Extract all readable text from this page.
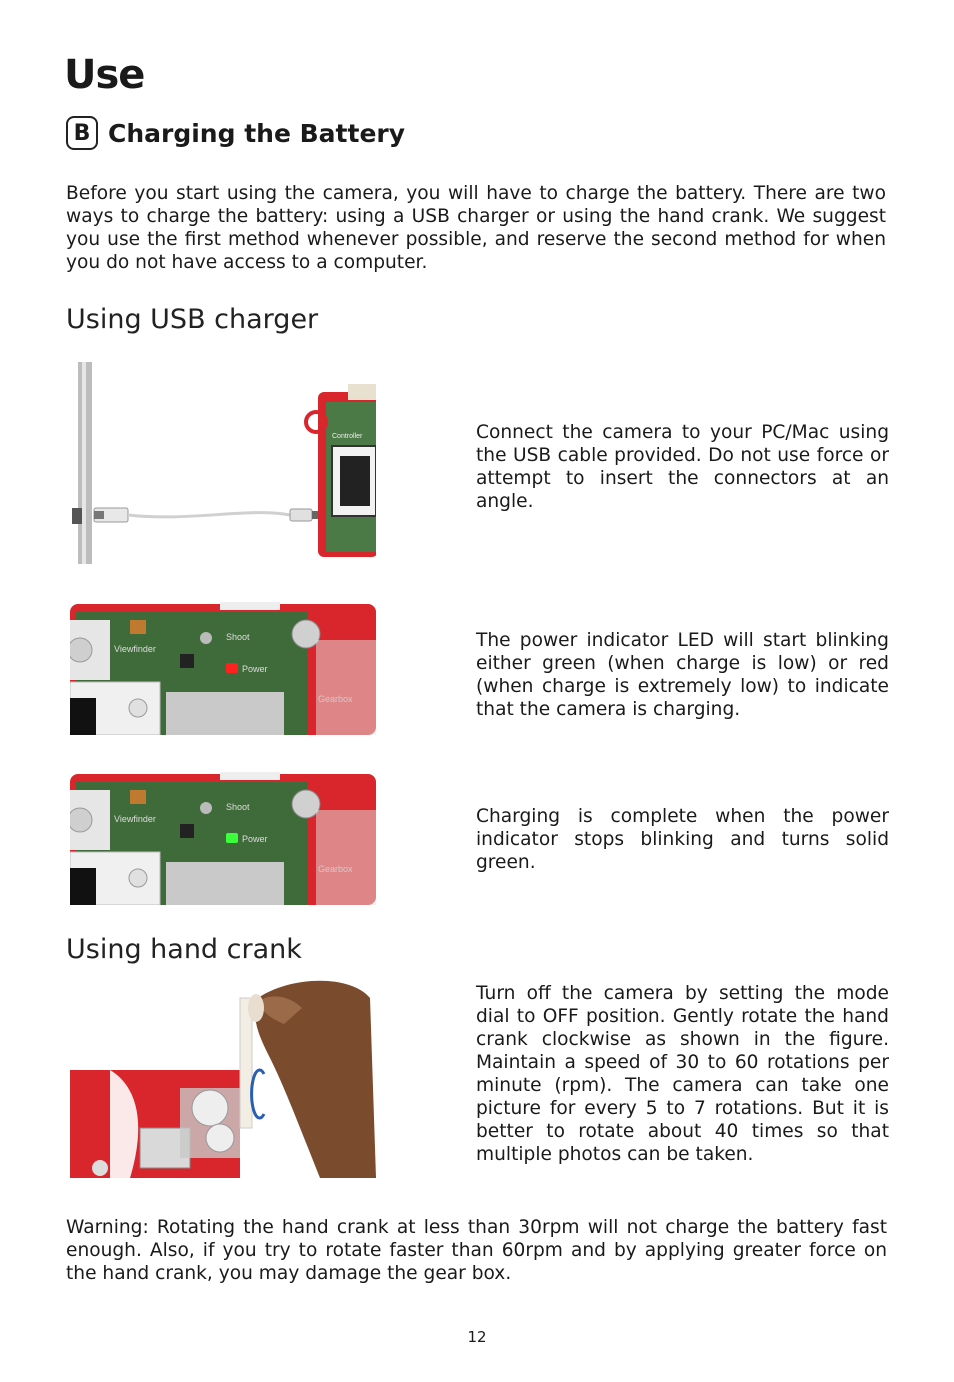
Use
B Charging the Battery
Before you start using the camera, you will have to charge the battery. There are two ways to charge the battery: using a USB charger or using the hand crank. We suggest you use the first method whenever possible, and reserve the second method for when you do not have access to a computer.
Using USB charger
Controller	Connect the camera to your PC/Mac using the USB cable provided. Do not use force or attempt to insert the connectors at an angle.
Viewfinder
Shoot
Power
Gearbox
The power indicator LED will start blinking either green (when charge is low) or red (when charge is extremely low) to indicate that the camera is charging.
Viewfinder
Shoot
Power
Gearbox
Charging is complete when the power indicator stops blinking and turns solid green.
Using hand crank
Turn off the camera by setting the mode dial to OFF position. Gently rotate the hand crank clockwise as shown in the figure. Maintain a speed of 30 to 60 rotations per minute (rpm). The camera can take one picture for every 5 to 7 rotations. But it is better to rotate about 40 times so that multiple photos can be taken.
Warning: Rotating the hand crank at less than 30rpm will not charge the battery fast enough. Also, if you try to rotate faster than 60rpm and by applying greater force on the hand crank, you may damage the gear box.
12
